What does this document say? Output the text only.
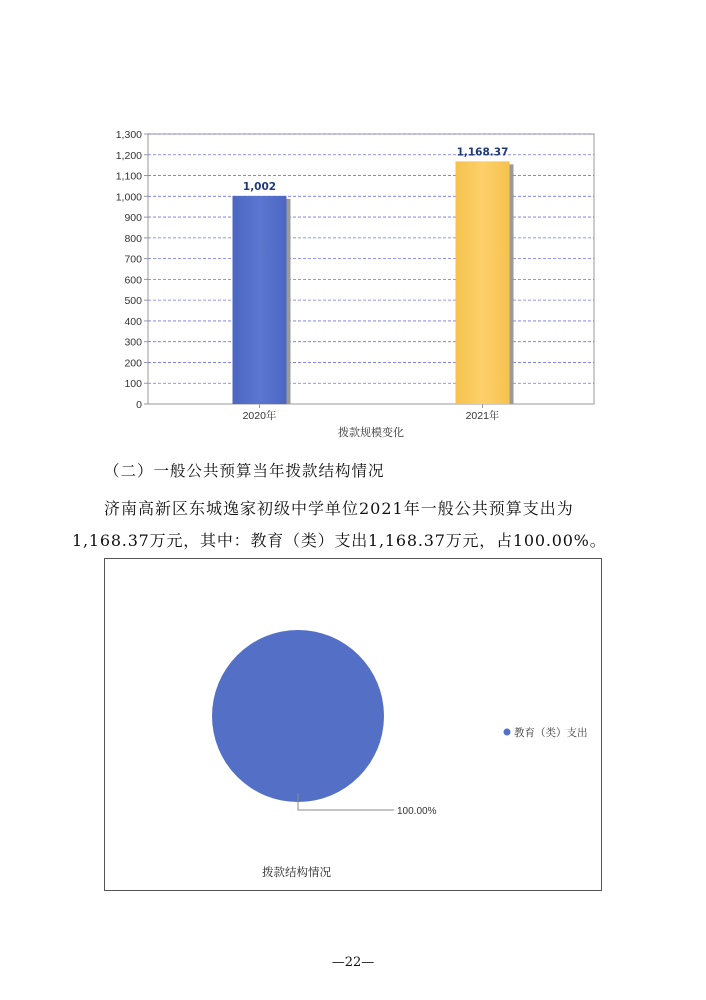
0
100
200
300
400
500
600
700
800
900
1,000
1,100
1,200
1,300
1,002
1,168.37
2020年	2021年
拨款规模变化
（二）一般公共预算当年拨款结构情况
济南高新区东城逸家初级中学单位2021年一般公共预算支出为
1,168.37万元，其中：教育（类）支出1,168.37万元，占100.00%。
100.00%
教育（类）支出
拨款结构情况
—22—
